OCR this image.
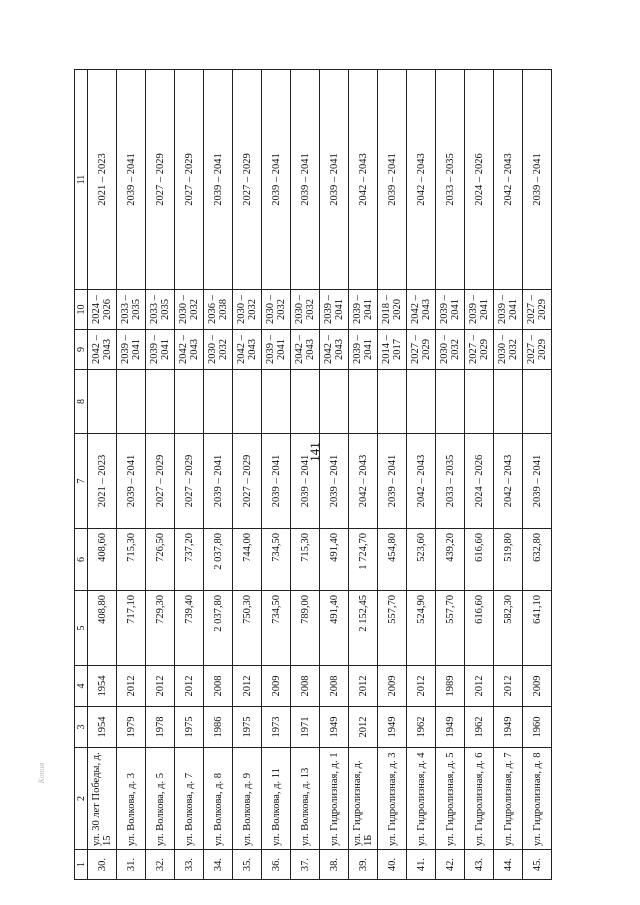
141
Копия
1	2	3	4	5	6	7	8	9	10	11
30.	ул. 30 лет Победы, д. 15	1954	1954	408,80	408,60	2021 – 2023		2042 – 2043	2024 – 2026	2021 – 2023
31.	ул. Волкова, д. 3	1979	2012	717,10	715,30	2039 – 2041		2039 – 2041	2033 – 2035	2039 – 2041
32.	ул. Волкова, д. 5	1978	2012	729,30	726,50	2027 – 2029		2039 – 2041	2033 – 2035	2027 – 2029
33.	ул. Волкова, д. 7	1975	2012	739,40	737,20	2027 – 2029		2042 – 2043	2030 – 2032	2027 – 2029
34.	ул. Волкова, д. 8	1986	2008	2 037,80	2 037,80	2039 – 2041		2030 – 2032	2036 – 2038	2039 – 2041
35.	ул. Волкова, д. 9	1975	2012	750,30	744,00	2027 – 2029		2042 – 2043	2030 – 2032	2027 – 2029
36.	ул. Волкова, д. 11	1973	2009	734,50	734,50	2039 – 2041		2039 – 2041	2030 – 2032	2039 – 2041
37.	ул. Волкова, д. 13	1971	2008	789,00	715,30	2039 – 2041		2042 – 2043	2030 – 2032	2039 – 2041
38.	ул. Гидролизная, д. 1	1949	2008	491,40	491,40	2039 – 2041		2042 – 2043	2039 – 2041	2039 – 2041
39.	ул. Гидролизная, д. 1Б	2012	2012	2 152,45	1 724,70	2042 – 2043		2039 – 2041	2039 – 2041	2042 – 2043
40.	ул. Гидролизная, д. 3	1949	2009	557,70	454,80	2039 – 2041		2014 – 2017	2018 – 2020	2039 – 2041
41.	ул. Гидролизная, д. 4	1962	2012	524,90	523,60	2042 – 2043		2027 – 2029	2042 – 2043	2042 – 2043
42.	ул. Гидролизная, д. 5	1949	1989	557,70	439,20	2033 – 2035		2030 – 2032	2039 – 2041	2033 – 2035
43.	ул. Гидролизная, д. 6	1962	2012	616,60	616,60	2024 – 2026		2027 – 2029	2039 – 2041	2024 – 2026
44.	ул. Гидролизная, д. 7	1949	2012	582,30	519,80	2042 – 2043		2030 – 2032	2039 – 2041	2042 – 2043
45.	ул. Гидролизная, д. 8	1960	2009	641,10	632,80	2039 – 2041		2027 – 2029	2027 – 2029	2039 – 2041
